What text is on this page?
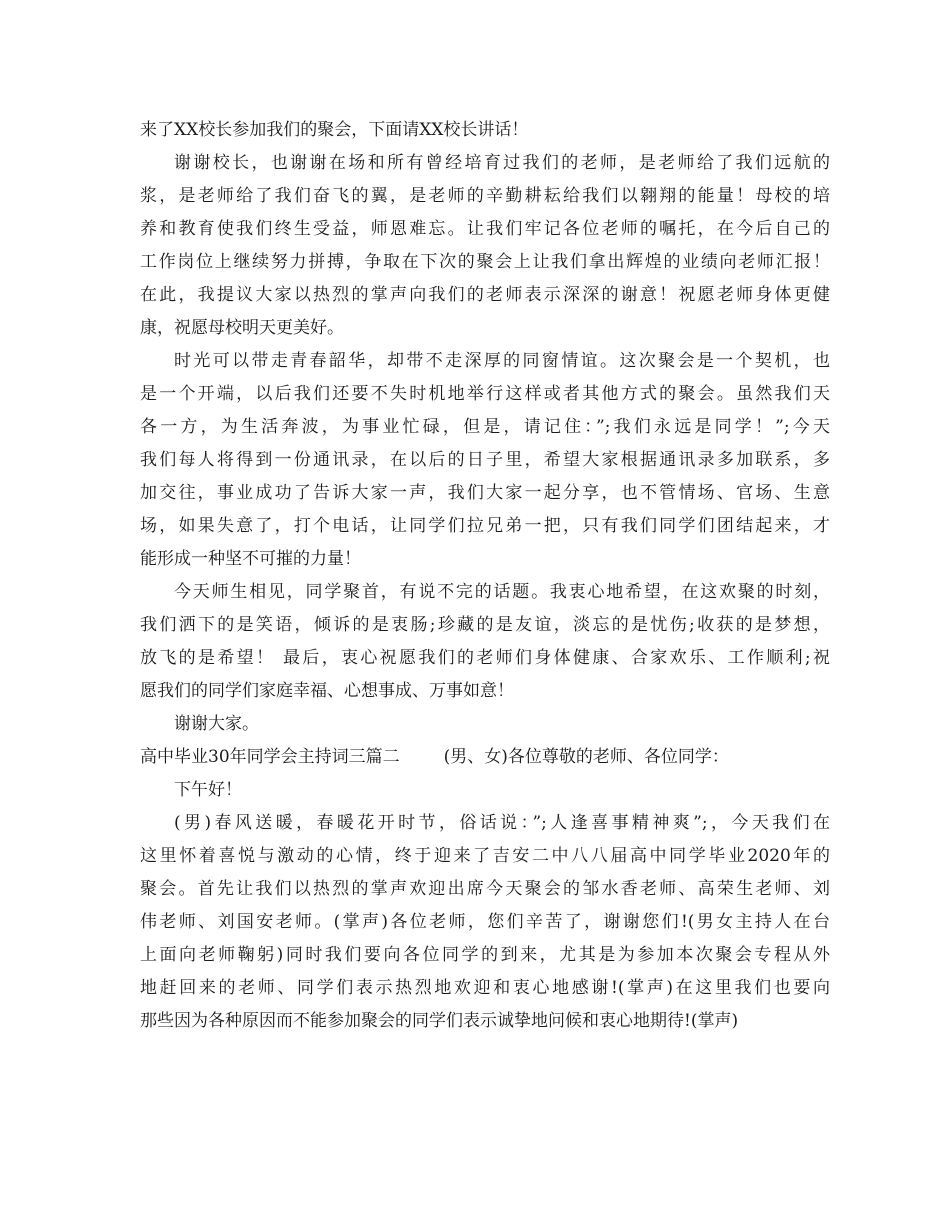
来了XX校长参加我们的聚会，下面请XX校长讲话！
谢谢校长，也谢谢在场和所有曾经培育过我们的老师，是老师给了我们远航的
浆，是老师给了我们奋飞的翼，是老师的辛勤耕耘给我们以翱翔的能量！母校的培
养和教育使我们终生受益，师恩难忘。让我们牢记各位老师的嘱托，在今后自己的
工作岗位上继续努力拼搏，争取在下次的聚会上让我们拿出辉煌的业绩向老师汇报！
在此，我提议大家以热烈的掌声向我们的老师表示深深的谢意！祝愿老师身体更健
康，祝愿母校明天更美好。
时光可以带走青春韶华，却带不走深厚的同窗情谊。这次聚会是一个契机，也
是一个开端，以后我们还要不失时机地举行这样或者其他方式的聚会。虽然我们天
各一方，为生活奔波，为事业忙碌，但是，请记住：”;我们永远是同学！”;今天
我们每人将得到一份通讯录，在以后的日子里，希望大家根据通讯录多加联系，多
加交往，事业成功了告诉大家一声，我们大家一起分享，也不管情场、官场、生意
场，如果失意了，打个电话，让同学们拉兄弟一把，只有我们同学们团结起来，才
能形成一种坚不可摧的力量！
今天师生相见，同学聚首，有说不完的话题。我衷心地希望，在这欢聚的时刻，
我们洒下的是笑语，倾诉的是衷肠;珍藏的是友谊，淡忘的是忧伤;收获的是梦想，
放飞的是希望！ 最后，衷心祝愿我们的老师们身体健康、合家欢乐、工作顺利;祝
愿我们的同学们家庭幸福、心想事成、万事如意！
谢谢大家。
高中毕业30年同学会主持词三篇二	(男、女)各位尊敬的老师、各位同学：
下午好！
(男)春风送暖，春暖花开时节，俗话说：”;人逢喜事精神爽”;，今天我们在
这里怀着喜悦与激动的心情，终于迎来了吉安二中八八届高中同学毕业2020年的
聚会。首先让我们以热烈的掌声欢迎出席今天聚会的邹水香老师、高荣生老师、刘
伟老师、刘国安老师。(掌声)各位老师，您们辛苦了，谢谢您们!(男女主持人在台
上面向老师鞠躬)同时我们要向各位同学的到来，尤其是为参加本次聚会专程从外
地赶回来的老师、同学们表示热烈地欢迎和衷心地感谢!(掌声)在这里我们也要向
那些因为各种原因而不能参加聚会的同学们表示诚挚地问候和衷心地期待!(掌声)
